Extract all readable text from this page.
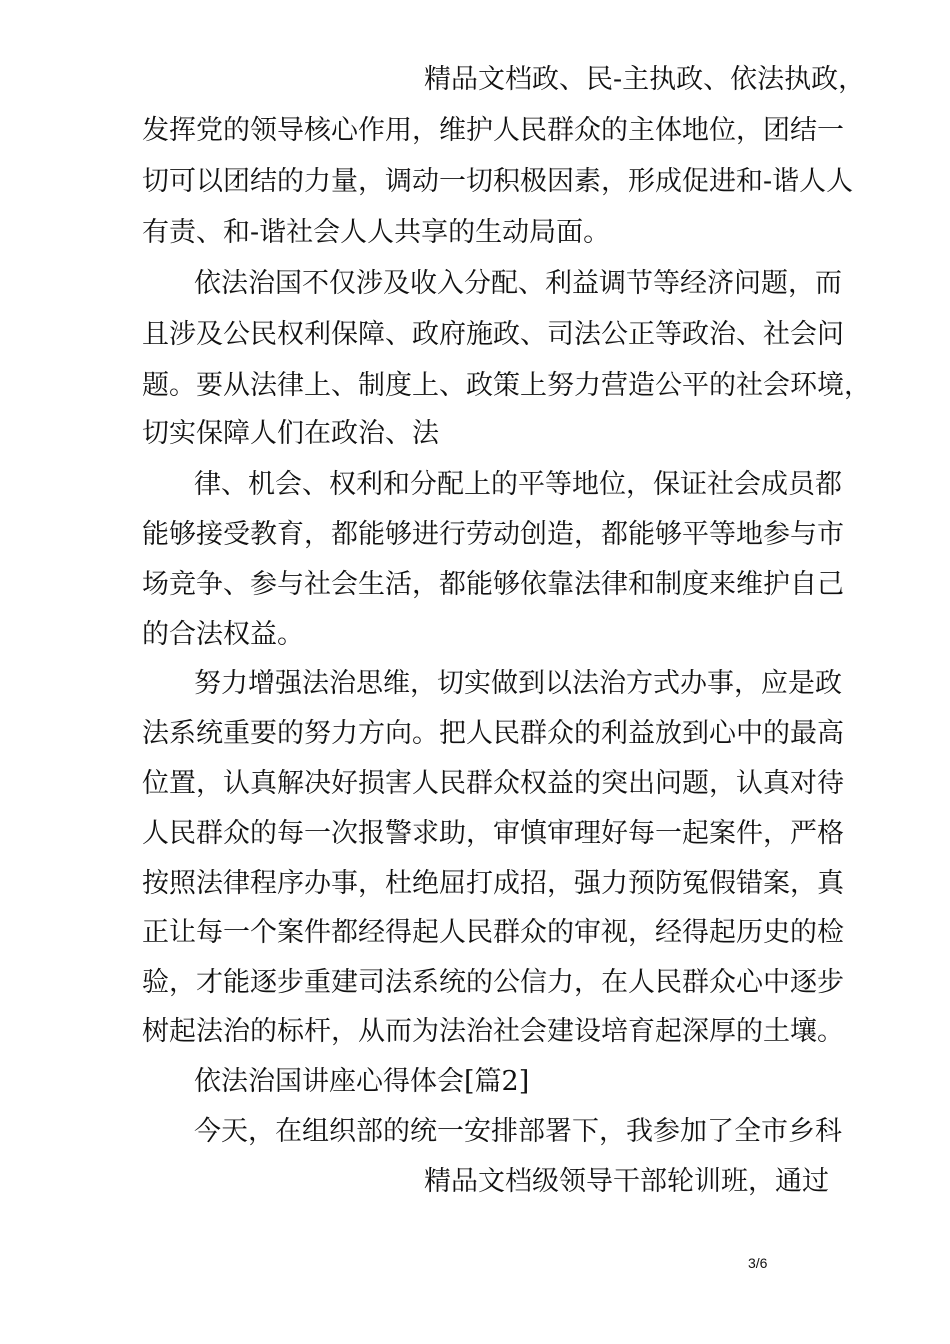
精品文档政、民-主执政、依法执政，
发挥党的领导核心作用，维护人民群众的主体地位，团结一
切可以团结的力量，调动一切积极因素，形成促进和-谐人人
有责、和-谐社会人人共享的生动局面。
依法治国不仅涉及收入分配、利益调节等经济问题，而
且涉及公民权利保障、政府施政、司法公正等政治、社会问
题。要从法律上、制度上、政策上努力营造公平的社会环境，
切实保障人们在政治、法
律、机会、权利和分配上的平等地位，保证社会成员都
能够接受教育，都能够进行劳动创造，都能够平等地参与市
场竞争、参与社会生活，都能够依靠法律和制度来维护自己
的合法权益。
努力增强法治思维，切实做到以法治方式办事，应是政
法系统重要的努力方向。把人民群众的利益放到心中的最高
位置，认真解决好损害人民群众权益的突出问题，认真对待
人民群众的每一次报警求助，审慎审理好每一起案件，严格
按照法律程序办事，杜绝屈打成招，强力预防冤假错案，真
正让每一个案件都经得起人民群众的审视，经得起历史的检
验，才能逐步重建司法系统的公信力，在人民群众心中逐步
树起法治的标杆，从而为法治社会建设培育起深厚的土壤。
依法治国讲座心得体会[篇2]
今天，在组织部的统一安排部署下，我参加了全市乡科
精品文档级领导干部轮训班，通过
3/6
